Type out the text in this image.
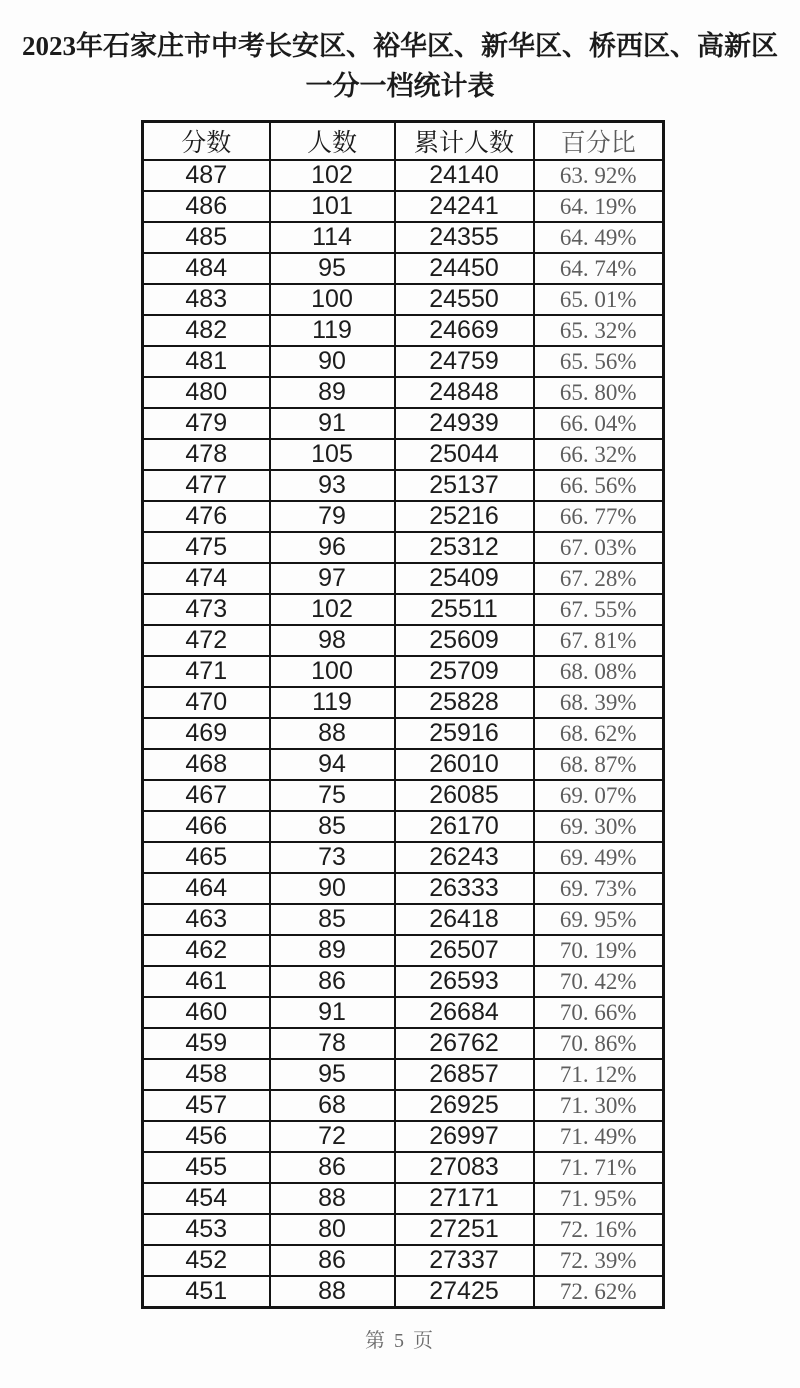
2023年石家庄市中考长安区、裕华区、新华区、桥西区、高新区
一分一档统计表
分数	人数	累计人数	百分比
487	102	24140	63. 92%
486	101	24241	64. 19%
485	114	24355	64. 49%
484	95	24450	64. 74%
483	100	24550	65. 01%
482	119	24669	65. 32%
481	90	24759	65. 56%
480	89	24848	65. 80%
479	91	24939	66. 04%
478	105	25044	66. 32%
477	93	25137	66. 56%
476	79	25216	66. 77%
475	96	25312	67. 03%
474	97	25409	67. 28%
473	102	25511	67. 55%
472	98	25609	67. 81%
471	100	25709	68. 08%
470	119	25828	68. 39%
469	88	25916	68. 62%
468	94	26010	68. 87%
467	75	26085	69. 07%
466	85	26170	69. 30%
465	73	26243	69. 49%
464	90	26333	69. 73%
463	85	26418	69. 95%
462	89	26507	70. 19%
461	86	26593	70. 42%
460	91	26684	70. 66%
459	78	26762	70. 86%
458	95	26857	71. 12%
457	68	26925	71. 30%
456	72	26997	71. 49%
455	86	27083	71. 71%
454	88	27171	71. 95%
453	80	27251	72. 16%
452	86	27337	72. 39%
451	88	27425	72. 62%
第 5 页
